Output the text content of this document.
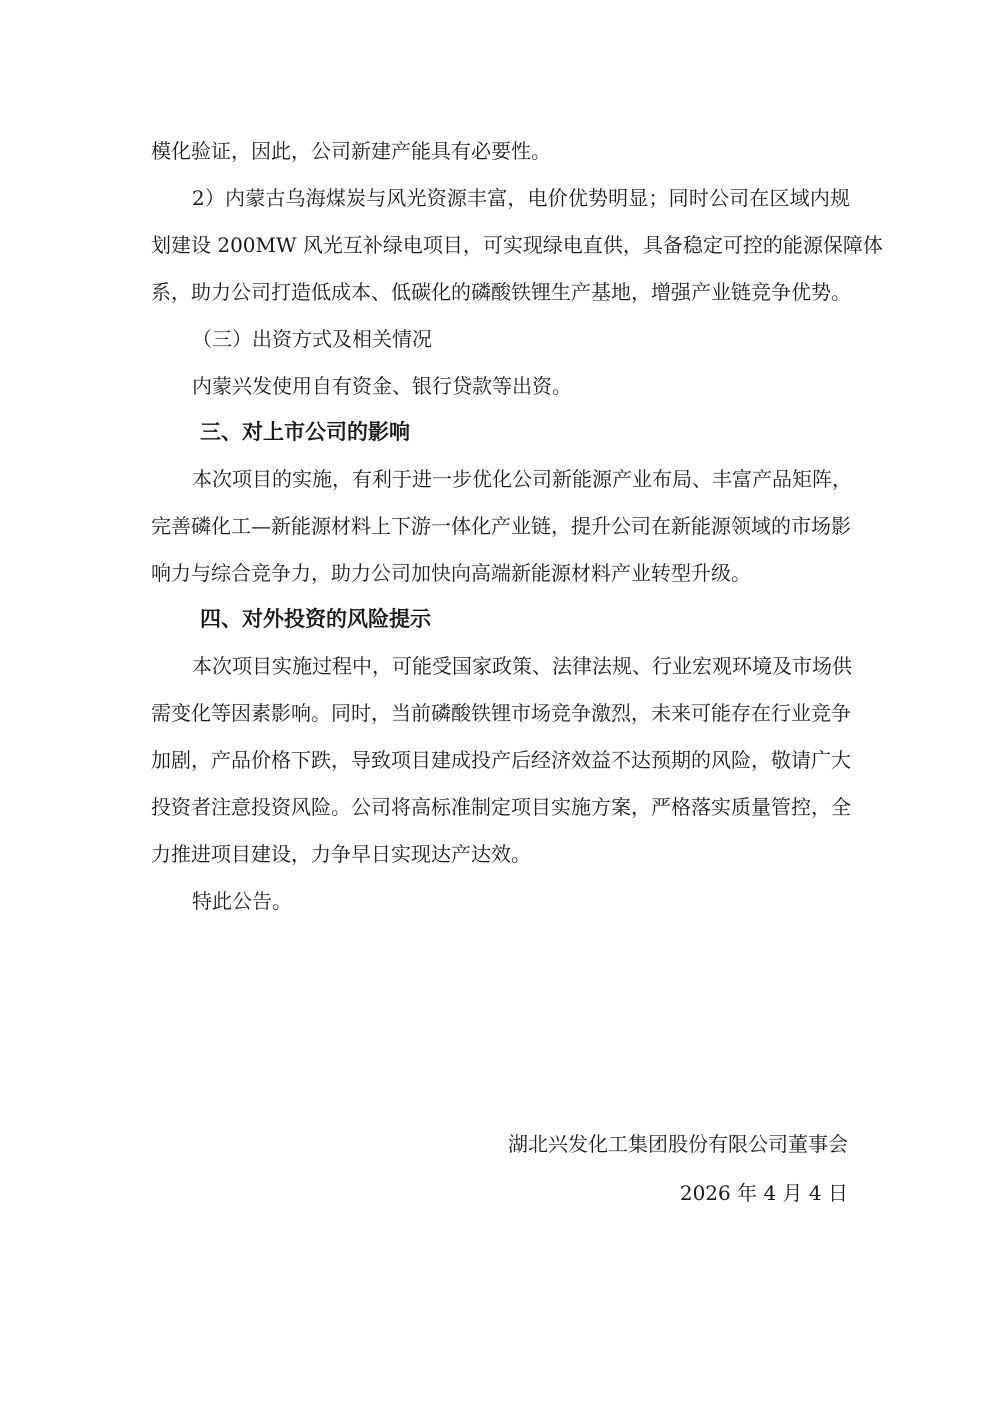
模化验证，因此，公司新建产能具有必要性。
2）内蒙古乌海煤炭与风光资源丰富，电价优势明显；同时公司在区域内规
划建设 200MW 风光互补绿电项目，可实现绿电直供，具备稳定可控的能源保障体
系，助力公司打造低成本、低碳化的磷酸铁锂生产基地，增强产业链竞争优势。
（三）出资方式及相关情况
内蒙兴发使用自有资金、银行贷款等出资。
三、对上市公司的影响
本次项目的实施，有利于进一步优化公司新能源产业布局、丰富产品矩阵，
完善磷化工—新能源材料上下游一体化产业链，提升公司在新能源领域的市场影
响力与综合竞争力，助力公司加快向高端新能源材料产业转型升级。
四、对外投资的风险提示
本次项目实施过程中，可能受国家政策、法律法规、行业宏观环境及市场供
需变化等因素影响。同时，当前磷酸铁锂市场竞争激烈，未来可能存在行业竞争
加剧，产品价格下跌，导致项目建成投产后经济效益不达预期的风险，敬请广大
投资者注意投资风险。公司将高标准制定项目实施方案，严格落实质量管控，全
力推进项目建设，力争早日实现达产达效。
特此公告。
湖北兴发化工集团股份有限公司董事会
2026 年 4 月 4 日
